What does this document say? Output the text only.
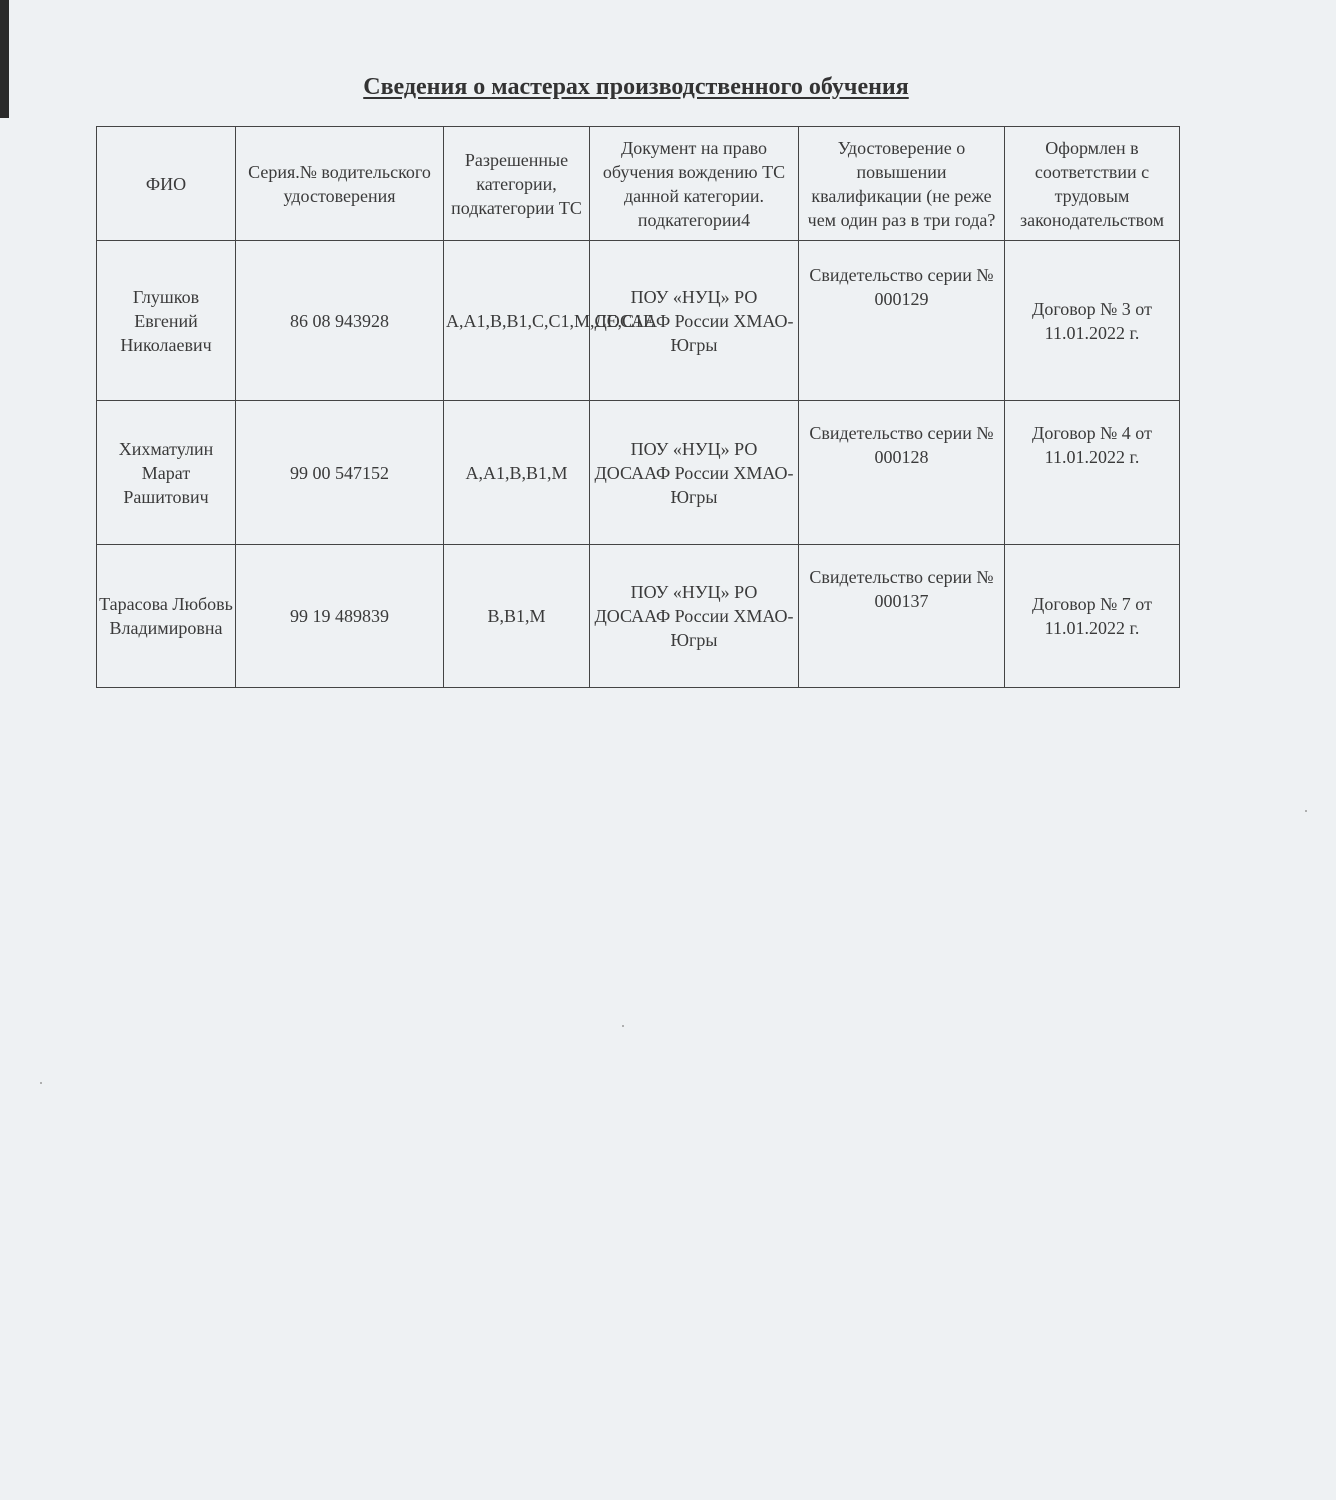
Сведения о мастерах производственного обучения
ФИО	Серия.№ водительского удостоверения	Разрешенные категории, подкатегории ТС	Документ на право обучения вождению ТС данной категории. подкатегории4	Удостоверение о повышении квалификации (не реже чем один раз в три года?	Оформлен в соответствии с трудовым законодательством
Глушков Евгений Николаевич	86 08 943928	A,A1,B,B1,C,C1,M,CE,C1E	ПОУ «НУЦ» РО ДОСААФ России ХМАО-Югры	Свидетельство серии № 000129	Договор № 3 от 11.01.2022 г.
Хихматулин Марат Рашитович	99 00 547152	A,A1,B,B1,M	ПОУ «НУЦ» РО ДОСААФ России ХМАО-Югры	Свидетельство серии № 000128	Договор № 4 от 11.01.2022 г.
Тарасова Любовь Владимировна	99 19 489839	B,B1,M	ПОУ «НУЦ» РО ДОСААФ России ХМАО-Югры	Свидетельство серии № 000137	Договор № 7 от 11.01.2022 г.
